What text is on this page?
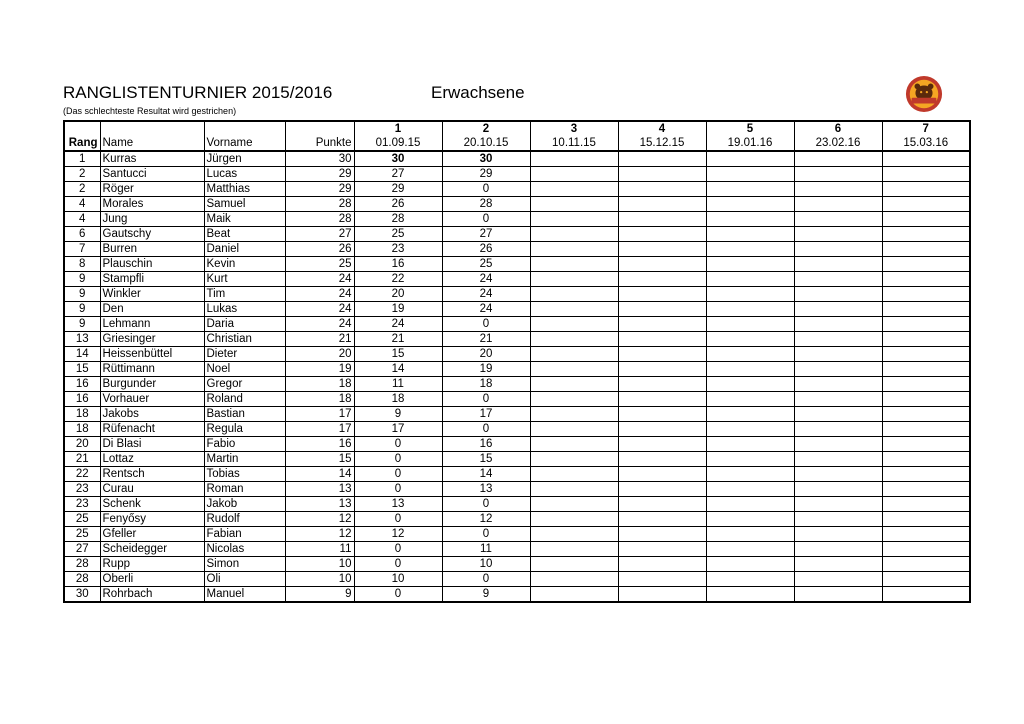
RANGLISTENTURNIER 2015/2016	Erwachsene
(Das schlechteste Resultat wird gestrichen)
				1	2	3	4	5	6	7
Rang	Name	Vorname	Punkte	01.09.15	20.10.15	10.11.15	15.12.15	19.01.16	23.02.16	15.03.16
1	Kurras	Jürgen	30	30	30					
2	Santucci	Lucas	29	27	29					
2	Röger	Matthias	29	29	0					
4	Morales	Samuel	28	26	28					
4	Jung	Maik	28	28	0					
6	Gautschy	Beat	27	25	27					
7	Burren	Daniel	26	23	26					
8	Plauschin	Kevin	25	16	25					
9	Stampfli	Kurt	24	22	24					
9	Winkler	Tim	24	20	24					
9	Den	Lukas	24	19	24					
9	Lehmann	Daria	24	24	0					
13	Griesinger	Christian	21	21	21					
14	Heissenbüttel	Dieter	20	15	20					
15	Rüttimann	Noel	19	14	19					
16	Burgunder	Gregor	18	11	18					
16	Vorhauer	Roland	18	18	0					
18	Jakobs	Bastian	17	9	17					
18	Rüfenacht	Regula	17	17	0					
20	Di Blasi	Fabio	16	0	16					
21	Lottaz	Martin	15	0	15					
22	Rentsch	Tobias	14	0	14					
23	Curau	Roman	13	0	13					
23	Schenk	Jakob	13	13	0					
25	Fenyősy	Rudolf	12	0	12					
25	Gfeller	Fabian	12	12	0					
27	Scheidegger	Nicolas	11	0	11					
28	Rupp	Simon	10	0	10					
28	Oberli	Oli	10	10	0					
30	Rohrbach	Manuel	9	0	9					
